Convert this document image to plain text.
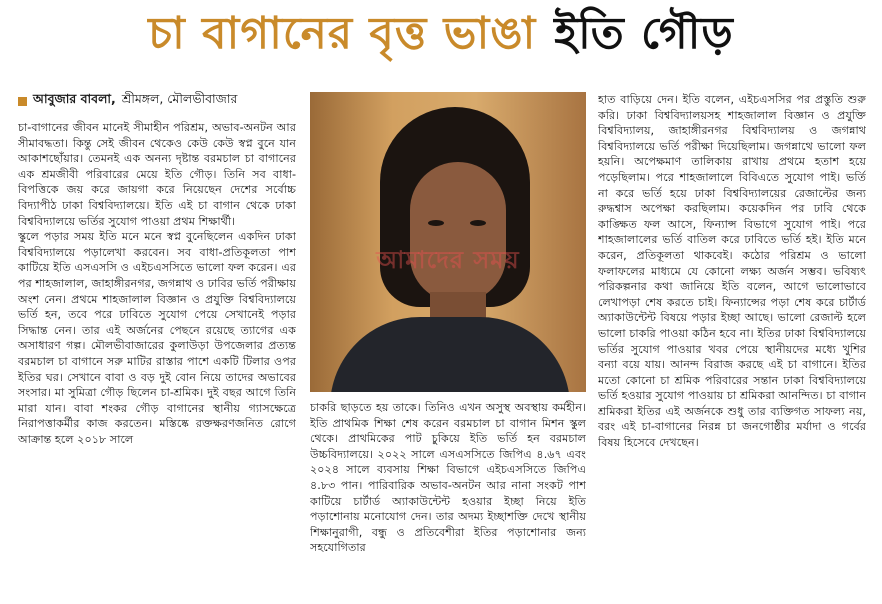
চা বাগানের বৃত্ত ভাঙা ইতি গৌড়
আবুজার বাবলা, শ্রীমঙ্গল, মৌলভীবাজার

চা-বাগানের জীবন মানেই সীমাহীন পরিশ্রম, অভাব-অনটন আর সীমাবদ্ধতা। কিন্তু সেই জীবন থেকেও কেউ কেউ স্বপ্ন বুনে যান আকাশছোঁয়ার। তেমনই এক অনন্য দৃষ্টান্ত বরমচাল চা বাগানের এক শ্রমজীবী পরিবারের মেয়ে ইতি গৌড়। তিনি সব বাধা-বিপত্তিকে জয় করে জায়গা করে নিয়েছেন দেশের সর্বোচ্চ বিদ্যাপীঠ ঢাকা বিশ্ববিদ্যালয়ে। ইতি এই চা বাগান থেকে ঢাকা বিশ্ববিদ্যালয়ে ভর্তির সুযোগ পাওয়া প্রথম শিক্ষার্থী।

স্কুলে পড়ার সময় ইতি মনে মনে স্বপ্ন বুনেছিলেন একদিন ঢাকা বিশ্ববিদ্যালয়ে পড়ালেখা করবেন। সব বাধা-প্রতিকূলতা পাশ কাটিয়ে ইতি এসএসসি ও এইচএসসিতে ভালো ফল করেন। এর পর শাহজালাল, জাহাঙ্গীরনগর, জগন্নাথ ও ঢাবির ভর্তি পরীক্ষায় অংশ নেন। প্রথমে শাহজালাল বিজ্ঞান ও প্রযুক্তি বিশ্ববিদ্যালয়ে ভর্তি হন, তবে পরে ঢাবিতে সুযোগ পেয়ে সেখানেই পড়ার সিদ্ধান্ত নেন। তার এই অর্জনের পেছনে রয়েছে ত্যাগের এক অসাধারণ গল্প। মৌলভীবাজারের কুলাউড়া উপজেলার প্রত্যন্ত বরমচাল চা বাগানে সরু মাটির রাস্তার পাশে একটি টিলার ওপর ইতির ঘর। সেখানে বাবা ও বড় দুই বোন নিয়ে তাদের অভাবের সংসার। মা সুমিত্রা গৌড় ছিলেন চা-শ্রমিক। দুই বছর আগে তিনি মারা যান। বাবা শংকর গৌড় বাগানের স্থানীয় গ্যাসক্ষেত্রে নিরাপত্তাকর্মীর কাজ করতেন। মস্তিষ্কে রক্তক্ষরণজনিত রোগে আক্রান্ত হলে ২০১৮ সালে

আমাদের সময়

চাকরি ছাড়তে হয় তাকে। তিনিও এখন অসুস্থ অবস্থায় কর্মহীন। ইতি প্রাথমিক শিক্ষা শেষ করেন বরমচাল চা বাগান মিশন স্কুল থেকে। প্রাথমিকের পাট চুকিয়ে ইতি ভর্তি হন বরমচাল উচ্চবিদ্যালয়ে। ২০২২ সালে এসএসসিতে জিপিএ ৪.৬৭ এবং ২০২৪ সালে ব্যবসায় শিক্ষা বিভাগে এইচএসসিতে জিপিএ ৪.৮৩ পান। পারিবারিক অভাব-অনটন আর নানা সংকট পাশ কাটিয়ে চার্টার্ড অ্যাকাউন্টেন্ট হওয়ার ইচ্ছা নিয়ে ইতি পড়াশোনায় মনোযোগ দেন। তার অদম্য ইচ্ছাশক্তি দেখে স্থানীয় শিক্ষানুরাগী, বন্ধু ও প্রতিবেশীরা ইতির পড়াশোনার জন্য সহযোগিতার

হাত বাড়িয়ে দেন। ইতি বলেন, এইচএসসির পর প্রস্তুতি শুরু করি। ঢাকা বিশ্ববিদ্যালয়সহ শাহজালাল বিজ্ঞান ও প্রযুক্তি বিশ্ববিদ্যালয়, জাহাঙ্গীরনগর বিশ্ববিদ্যালয় ও জগন্নাথ বিশ্ববিদ্যালয়ে ভর্তি পরীক্ষা দিয়েছিলাম। জগন্নাথে ভালো ফল হয়নি। অপেক্ষমাণ তালিকায় রাখায় প্রথমে হতাশ হয়ে পড়েছিলাম। পরে শাহজালালে বিবিএতে সুযোগ পাই। ভর্তি না করে ভর্তি হয়ে ঢাকা বিশ্ববিদ্যালয়ের রেজাল্টের জন্য রুদ্ধশ্বাস অপেক্ষা করছিলাম। কয়েকদিন পর ঢাবি থেকে কাঙ্ক্ষিত ফল আসে, ফিন্যান্স বিভাগে সুযোগ পাই। পরে শাহজালালের ভর্তি বাতিল করে ঢাবিতে ভর্তি হই। ইতি মনে করেন, প্রতিকূলতা থাকবেই। কঠোর পরিশ্রম ও ভালো ফলাফলের মাধ্যমে যে কোনো লক্ষ্য অর্জন সম্ভব। ভবিষ্যৎ পরিকল্পনার কথা জানিয়ে ইতি বলেন, আগে ভালোভাবে লেখাপড়া শেষ করতে চাই। ফিন্যান্সের পড়া শেষ করে চার্টার্ড অ্যাকাউন্টেন্ট বিষয়ে পড়ার ইচ্ছা আছে। ভালো রেজাল্ট হলে ভালো চাকরি পাওয়া কঠিন হবে না। ইতির ঢাকা বিশ্ববিদ্যালয়ে ভর্তির সুযোগ পাওয়ার খবর পেয়ে স্থানীয়দের মধ্যে খুশির বন্যা বয়ে যায়। আনন্দ বিরাজ করছে এই চা বাগানে। ইতির মতো কোনো চা শ্রমিক পরিবারের সন্তান ঢাকা বিশ্ববিদ্যালয়ে ভর্তি হওয়ার সুযোগ পাওয়ায় চা শ্রমিকরা আনন্দিত। চা বাগান শ্রমিকরা ইতির এই অর্জনকে শুধু তার ব্যক্তিগত সাফল্য নয়, বরং এই চা-বাগানের নিরন্ন চা জনগোষ্ঠীর মর্যাদা ও গর্বের বিষয় হিসেবে দেখছেন।
